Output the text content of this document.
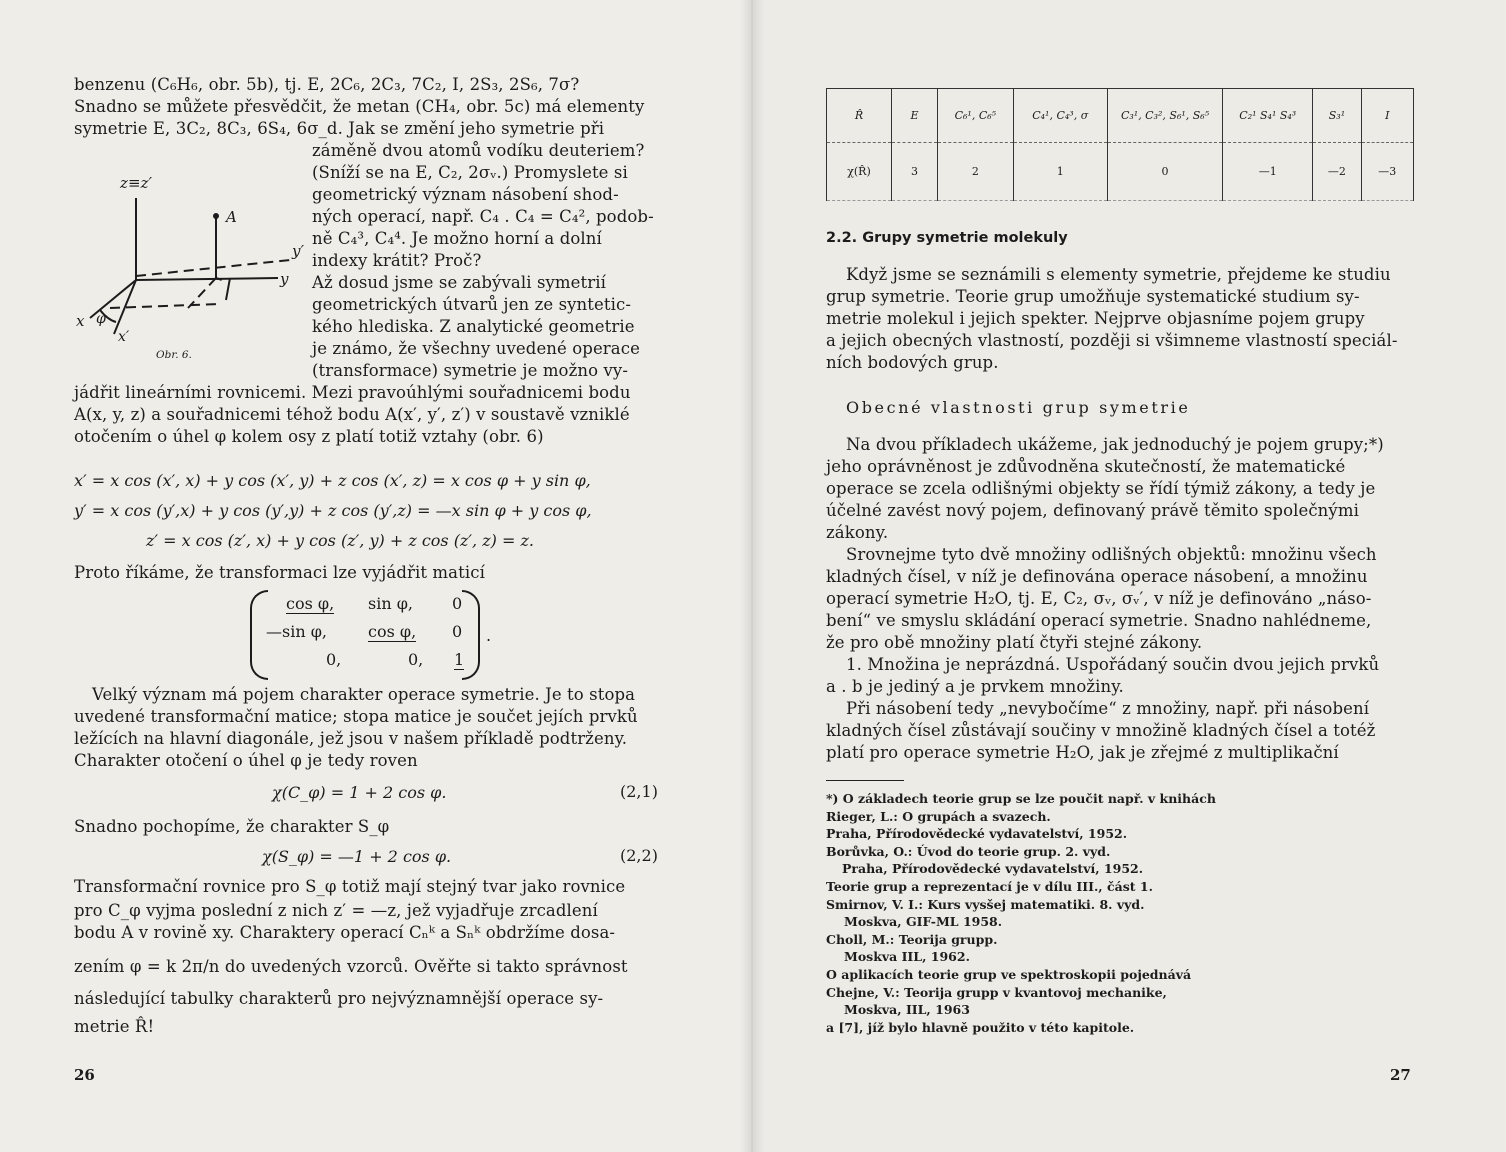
benzenu (C₆H₆, obr. 5b), tj. E, 2C₆, 2C₃, 7C₂, I, 2S₃, 2S₆, 7σ?
Snadno se můžete přesvědčit, že metan (CH₄, obr. 5c) má elementy
symetrie E, 3C₂, 8C₃, 6S₄, 6σ_d. Jak se změní jeho symetrie při
záměně dvou atomů vodíku deuteriem?
(Sníží se na E, C₂, 2σᵥ.) Promyslete si
geometrický význam násobení shod-
ných operací, např. C₄ . C₄ = C₄², podob-
ně C₄³, C₄⁴. Je možno horní a dolní
indexy krátit? Proč?
Až dosud jsme se zabývali symetrií
geometrických útvarů jen ze syntetic-
kého hlediska. Z analytické geometrie
je známo, že všechny uvedené operace
(transformace) symetrie je možno vy-
jádřit lineárními rovnicemi. Mezi pravoúhlými souřadnicemi bodu
A(x, y, z) a souřadnicemi téhož bodu A(x′, y′, z′) v soustavě vzniklé
otočením o úhel φ kolem osy z platí totiž vztahy (obr. 6)
z≡z′
A
y′
y
x φ
x′
Obr. 6.
x′ = x cos (x′, x) + y cos (x′, y) + z cos (x′, z) = x cos φ + y sin φ,
y′ = x cos (y′,x) + y cos (y′,y) + z cos (y′,z) = —x sin φ + y cos φ,
z′ = x cos (z′, x) + y cos (z′, y) + z cos (z′, z) = z.
Proto říkáme, že transformaci lze vyjádřit maticí
cos φ, sin φ, 0
—sin φ,	cos φ, 0
0,	0, 1
.
Velký význam má pojem charakter operace symetrie. Je to stopa
uvedené transformační matice; stopa matice je součet jejích prvků
ležících na hlavní diagonále, jež jsou v našem příkladě podtrženy.
Charakter otočení o úhel φ je tedy roven
χ(C_φ) = 1 + 2 cos φ.	(2,1)
Snadno pochopíme, že charakter S_φ
χ(S_φ) = —1 + 2 cos φ.	(2,2)
Transformační rovnice pro S_φ totiž mají stejný tvar jako rovnice
pro C_φ vyjma poslední z nich z′ = —z, jež vyjadřuje zrcadlení
bodu A v rovině xy. Charaktery operací Cₙᵏ a Sₙᵏ obdržíme dosa-
zením φ = k 2π/n do uvedených vzorců. Ověřte si takto správnost
následující tabulky charakterů pro nejvýznamnější operace sy-
metrie R̂!
26
R̂	E	C₆¹, C₆⁵	C₄¹, C₄³, σ	C₃¹, C₃², S₆¹, S₆⁵	C₂¹ S₄¹ S₄³	S₃¹	I
χ(R̂)	3	2	1	0	—1	—2	—3
2.2. Grupy symetrie molekuly
Když jsme se seznámili s elementy symetrie, přejdeme ke studiu
grup symetrie. Teorie grup umožňuje systematické studium sy-
metrie molekul i jejich spekter. Nejprve objasníme pojem grupy
a jejich obecných vlastností, později si všimneme vlastností speciál-
ních bodových grup.
Obecné vlastnosti grup symetrie
Na dvou příkladech ukážeme, jak jednoduchý je pojem grupy;*)
jeho oprávněnost je zdůvodněna skutečností, že matematické
operace se zcela odlišnými objekty se řídí týmiž zákony, a tedy je
účelné zavést nový pojem, definovaný právě těmito společnými
zákony.
Srovnejme tyto dvě množiny odlišných objektů: množinu všech
kladných čísel, v níž je definována operace násobení, a množinu
operací symetrie H₂O, tj. E, C₂, σᵥ, σᵥ′, v níž je definováno „náso-
bení“ ve smyslu skládání operací symetrie. Snadno nahlédneme,
že pro obě množiny platí čtyři stejné zákony.
1. Množina je neprázdná. Uspořádaný součin dvou jejich prvků
a . b je jediný a je prvkem množiny.
Při násobení tedy „nevybočíme“ z množiny, např. při násobení
kladných čísel zůstávají součiny v množině kladných čísel a totéž
platí pro operace symetrie H₂O, jak je zřejmé z multiplikační
*) O základech teorie grup se lze poučit např. v knihách
Rieger, L.: O grupách a svazech.
Praha, Přírodovědecké vydavatelství, 1952.
Borůvka, O.: Úvod do teorie grup. 2. vyd.
Praha, Přírodovědecké vydavatelství, 1952.
Teorie grup a reprezentací je v dílu III., část 1.
Smirnov, V. I.: Kurs vysšej matematiki. 8. vyd.
Moskva, GIF-ML 1958.
Choll, M.: Teorija grupp.
Moskva IIL, 1962.
O aplikacích teorie grup ve spektroskopii pojednává
Chejne, V.: Teorija grupp v kvantovoj mechanike,
Moskva, IIL, 1963
a [7], jíž bylo hlavně použito v této kapitole.
27
